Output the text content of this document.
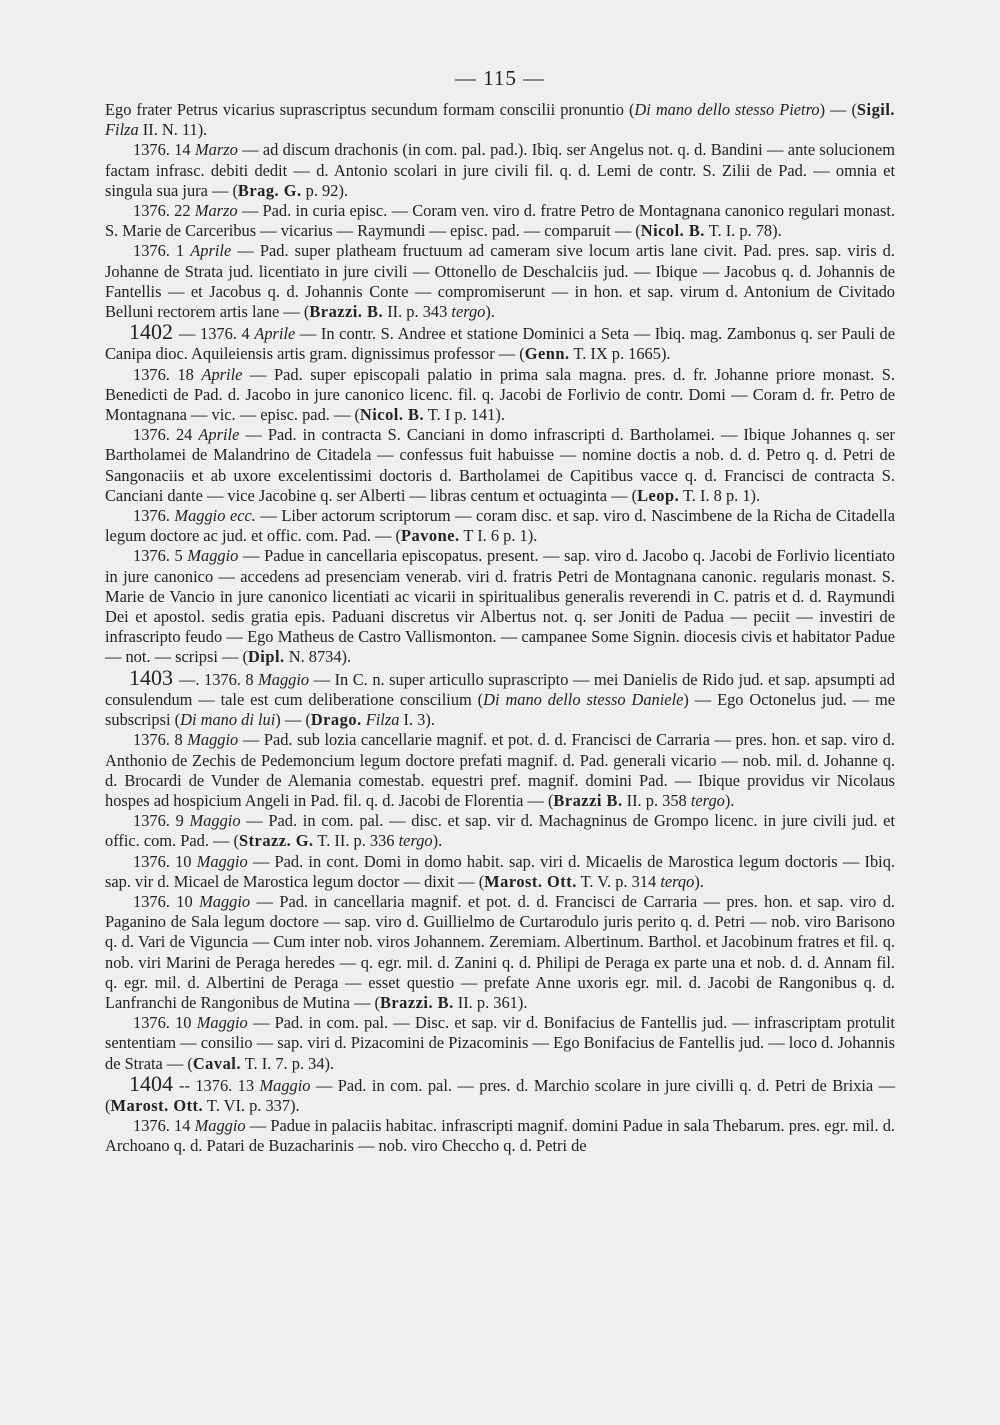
— 115 —

Ego frater Petrus vicarius suprascriptus secundum formam conscilii pronuntio (Di mano dello stesso Pietro) — (Sigil. Filza II. N. 11).

1376. 14 Marzo — ad discum drachonis (in com. pal. pad.). Ibiq. ser Angelus not. q. d. Bandini — ante solucionem factam infrasc. debiti dedit — d. Antonio scolari in jure civili fil. q. d. Lemi de contr. S. Zilii de Pad. — omnia et singula sua jura — (Brag. G. p. 92).

1376. 22 Marzo — Pad. in curia episc. — Coram ven. viro d. fratre Petro de Montagnana canonico regulari monast. S. Marie de Carceribus — vicarius — Raymundi — episc. pad. — comparuit — (Nicol. B. T. I. p. 78).

1376. 1 Aprile — Pad. super platheam fructuum ad cameram sive locum artis lane civit. Pad. pres. sap. viris d. Johanne de Strata jud. licentiato in jure civili — Ottonello de Deschalciis jud. — Ibique — Jacobus q. d. Johannis de Fantellis — et Jacobus q. d. Johannis Conte — compromiserunt — in hon. et sap. virum d. Antonium de Civitado Belluni rectorem artis lane — (Brazzi. B. II. p. 343 tergo).

1402 — 1376. 4 Aprile — In contr. S. Andree et statione Dominici a Seta — Ibiq. mag. Zambonus q. ser Pauli de Canipa dioc. Aquileiensis artis gram. dignissimus professor — (Genn. T. IX p. 1665).

1376. 18 Aprile — Pad. super episcopali palatio in prima sala magna. pres. d. fr. Johanne priore monast. S. Benedicti de Pad. d. Jacobo in jure canonico licenc. fil. q. Jacobi de Forlivio de contr. Domi — Coram d. fr. Petro de Montagnana — vic. — episc. pad. — (Nicol. B. T. I p. 141).

1376. 24 Aprile — Pad. in contracta S. Canciani in domo infrascripti d. Bartholamei. — Ibique Johannes q. ser Bartholamei de Malandrino de Citadela — confessus fuit habuisse — nomine doctis a nob. d. d. Petro q. d. Petri de Sangonaciis et ab uxore excelentissimi doctoris d. Bartholamei de Capitibus vacce q. d. Francisci de contracta S. Canciani dante — vice Jacobine q. ser Alberti — libras centum et octuaginta — (Leop. T. I. 8 p. 1).

1376. Maggio ecc. — Liber actorum scriptorum — coram disc. et sap. viro d. Nascimbene de la Richa de Citadella legum doctore ac jud. et offic. com. Pad. — (Pavone. T I. 6 p. 1).

1376. 5 Maggio — Padue in cancellaria episcopatus. present. — sap. viro d. Jacobo q. Jacobi de Forlivio licentiato in jure canonico — accedens ad presenciam venerab. viri d. fratris Petri de Montagnana canonic. regularis monast. S. Marie de Vancio in jure canonico licentiati ac vicarii in spiritualibus generalis reverendi in C. patris et d. d. Raymundi Dei et apostol. sedis gratia epis. Paduani discretus vir Albertus not. q. ser Joniti de Padua — peciit — investiri de infrascripto feudo — Ego Matheus de Castro Vallismonton. — campanee Some Signin. diocesis civis et habitator Padue — not. — scripsi — (Dipl. N. 8734).

1403 —. 1376. 8 Maggio — In C. n. super articullo suprascripto — mei Danielis de Rido jud. et sap. apsumpti ad consulendum — tale est cum deliberatione conscilium (Di mano dello stesso Daniele) — Ego Octonelus jud. — me subscripsi (Di mano di lui) — (Drago. Filza I. 3).

1376. 8 Maggio — Pad. sub lozia cancellarie magnif. et pot. d. d. Francisci de Carraria — pres. hon. et sap. viro d. Anthonio de Zechis de Pedemoncium legum doctore prefati magnif. d. Pad. generali vicario — nob. mil. d. Johanne q. d. Brocardi de Vunder de Alemania comestab. equestri pref. magnif. domini Pad. — Ibique providus vir Nicolaus hospes ad hospicium Angeli in Pad. fil. q. d. Jacobi de Florentia — (Brazzi B. II. p. 358 tergo).

1376. 9 Maggio — Pad. in com. pal. — disc. et sap. vir d. Machagninus de Grompo licenc. in jure civili jud. et offic. com. Pad. — (Strazz. G. T. II. p. 336 tergo).

1376. 10 Maggio — Pad. in cont. Domi in domo habit. sap. viri d. Micaelis de Marostica legum doctoris — Ibiq. sap. vir d. Micael de Marostica legum doctor — dixit — (Marost. Ott. T. V. p. 314 terqo).

1376. 10 Maggio — Pad. in cancellaria magnif. et pot. d. d. Francisci de Carraria — pres. hon. et sap. viro d. Paganino de Sala legum doctore — sap. viro d. Guillielmo de Curtarodulo juris perito q. d. Petri — nob. viro Barisono q. d. Vari de Viguncia — Cum inter nob. viros Johannem. Zeremiam. Albertinum. Barthol. et Jacobinum fratres et fil. q. nob. viri Marini de Peraga heredes — q. egr. mil. d. Zanini q. d. Philipi de Peraga ex parte una et nob. d. d. Annam fil. q. egr. mil. d. Albertini de Peraga — esset questio — prefate Anne uxoris egr. mil. d. Jacobi de Rangonibus q. d. Lanfranchi de Rangonibus de Mutina — (Brazzi. B. II. p. 361).

1376. 10 Maggio — Pad. in com. pal. — Disc. et sap. vir d. Bonifacius de Fantellis jud. — infrascriptam protulit sententiam — consilio — sap. viri d. Pizacomini de Pizacominis — Ego Bonifacius de Fantellis jud. — loco d. Johannis de Strata — (Caval. T. I. 7. p. 34).

1404 -- 1376. 13 Maggio — Pad. in com. pal. — pres. d. Marchio scolare in jure civilli q. d. Petri de Brixia — (Marost. Ott. T. VI. p. 337).

1376. 14 Maggio — Padue in palaciis habitac. infrascripti magnif. domini Padue in sala Thebarum. pres. egr. mil. d. Archoano q. d. Patari de Buzacharinis — nob. viro Checcho q. d. Petri de
